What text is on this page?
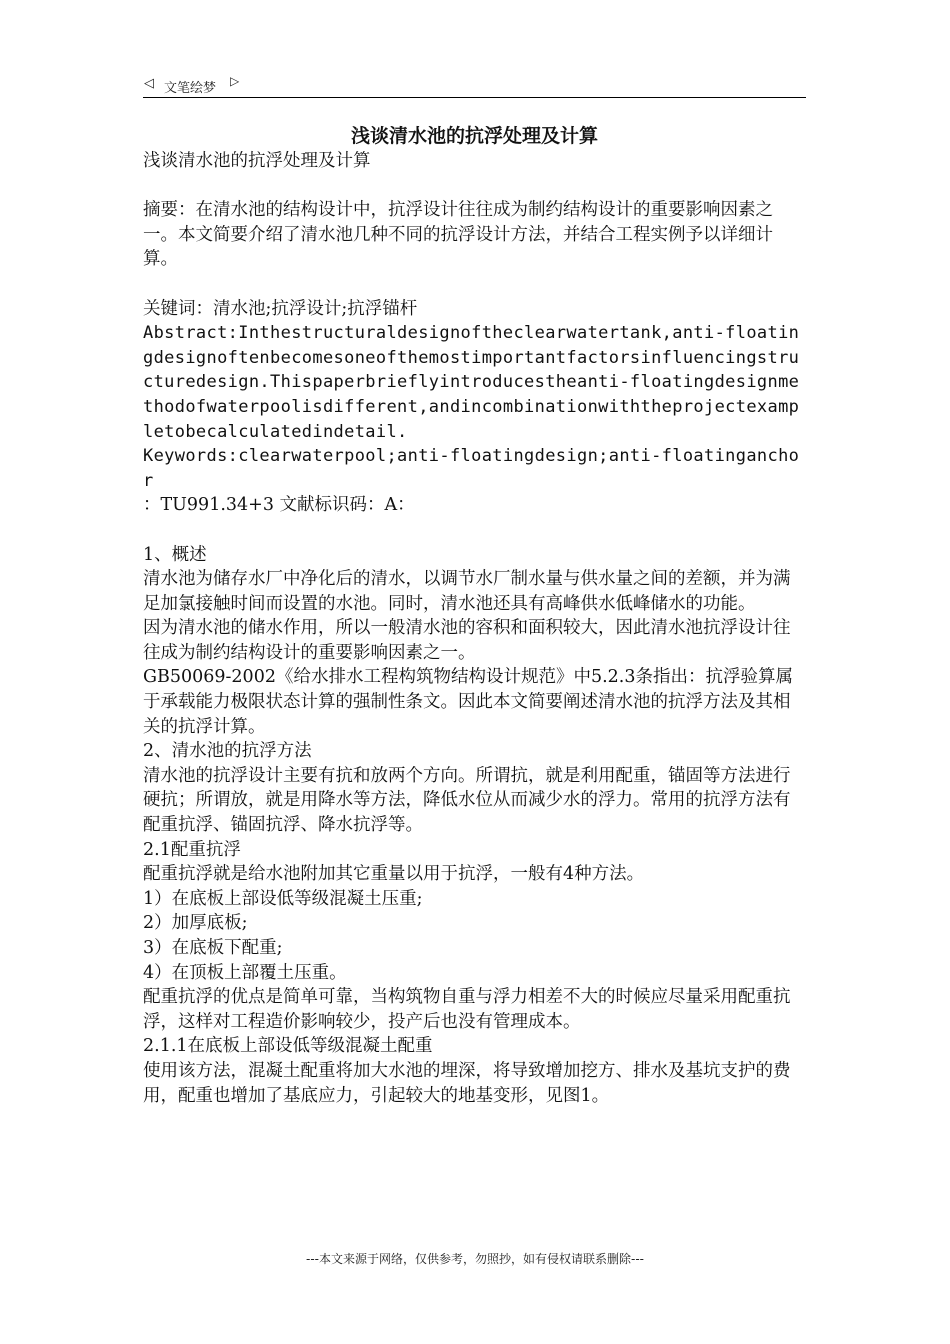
◁ 文笔绘梦 ▷
浅谈清水池的抗浮处理及计算

浅谈清水池的抗浮处理及计算

摘要：在清水池的结构设计中，抗浮设计往往成为制约结构设计的重要影响因素之一。本文简要介绍了清水池几种不同的抗浮设计方法，并结合工程实例予以详细计算。

关键词：清水池;抗浮设计;抗浮锚杆

Abstract:Inthestructuraldesignoftheclearwatertank,anti-floatingdesignoftenbecomesoneofthemostimportantfactorsinfluencingstructuredesign.Thispaperbrieflyintroducestheanti-floatingdesignmethodofwaterpoolisdifferent,andincombinationwiththeprojectexampletobecalculatedindetail.

Keywords:clearwaterpool;anti-floatingdesign;anti-floatinganchor

：TU991.34+3 文献标识码：A：

1、概述

清水池为储存水厂中净化后的清水，以调节水厂制水量与供水量之间的差额，并为满足加氯接触时间而设置的水池。同时，清水池还具有高峰供水低峰储水的功能。

因为清水池的储水作用，所以一般清水池的容积和面积较大，因此清水池抗浮设计往往成为制约结构设计的重要影响因素之一。

GB50069-2002《给水排水工程构筑物结构设计规范》中5.2.3条指出：抗浮验算属于承载能力极限状态计算的强制性条文。因此本文简要阐述清水池的抗浮方法及其相关的抗浮计算。

2、清水池的抗浮方法

清水池的抗浮设计主要有抗和放两个方向。所谓抗，就是利用配重，锚固等方法进行硬抗；所谓放，就是用降水等方法，降低水位从而减少水的浮力。常用的抗浮方法有配重抗浮、锚固抗浮、降水抗浮等。

2.1配重抗浮

配重抗浮就是给水池附加其它重量以用于抗浮，一般有4种方法。

1）在底板上部设低等级混凝土压重;

2）加厚底板;

3）在底板下配重;

4）在顶板上部覆土压重。

配重抗浮的优点是简单可靠，当构筑物自重与浮力相差不大的时候应尽量采用配重抗浮，这样对工程造价影响较少，投产后也没有管理成本。

2.1.1在底板上部设低等级混凝土配重

使用该方法，混凝土配重将加大水池的埋深，将导致增加挖方、排水及基坑支护的费用，配重也增加了基底应力，引起较大的地基变形，见图1。

---本文来源于网络，仅供参考，勿照抄，如有侵权请联系删除---
